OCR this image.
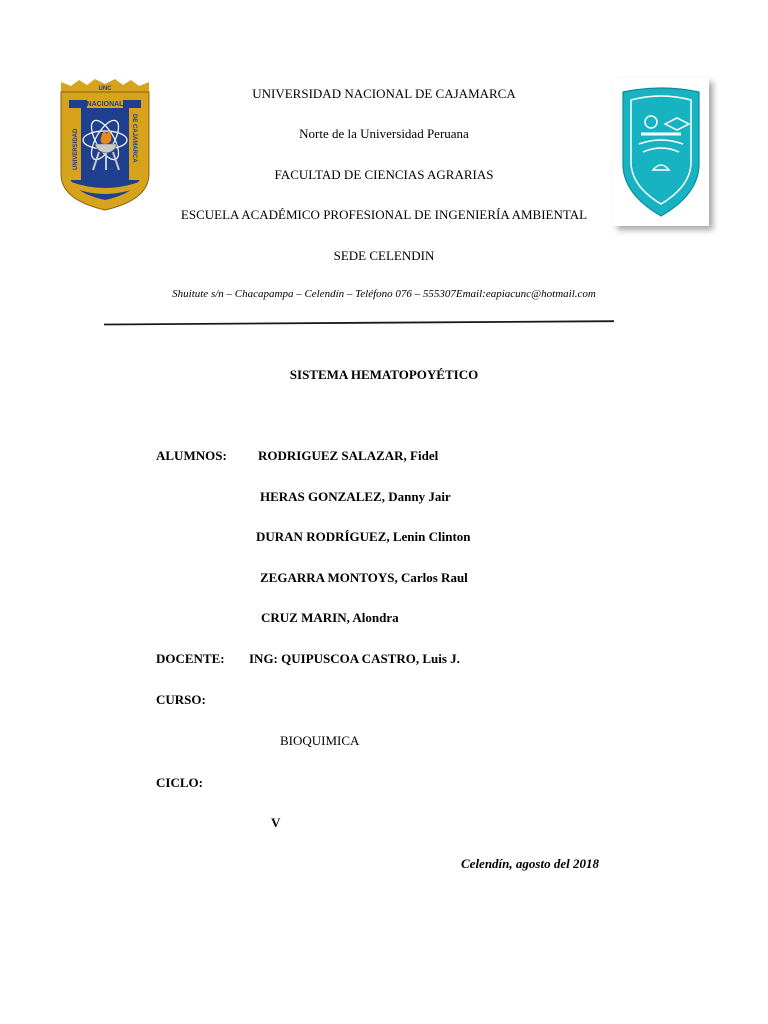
NACIONAL
UNC
UNIVERSIDAD	DE CAJAMARCA
UNIVERSIDAD NACIONAL DE CAJAMARCA
Norte de la Universidad Peruana
FACULTAD DE CIENCIAS AGRARIAS
ESCUELA ACADÉMICO PROFESIONAL DE INGENIERÍA AMBIENTAL
SEDE CELENDIN
Shuitute s/n – Chacapampa – Celendín – Teléfono 076 – 555307Email:eapiacunc@hotmail.com
SISTEMA HEMATOPOYÉTICO
ALUMNOS: RODRIGUEZ SALAZAR, Fidel
HERAS GONZALEZ, Danny Jair
DURAN RODRÍGUEZ, Lenin Clinton
ZEGARRA MONTOYS, Carlos Raul
CRUZ MARIN, Alondra
DOCENTE: ING: QUIPUSCOA CASTRO, Luis J.
CURSO:
BIOQUIMICA
CICLO:
V
Celendín, agosto del 2018
